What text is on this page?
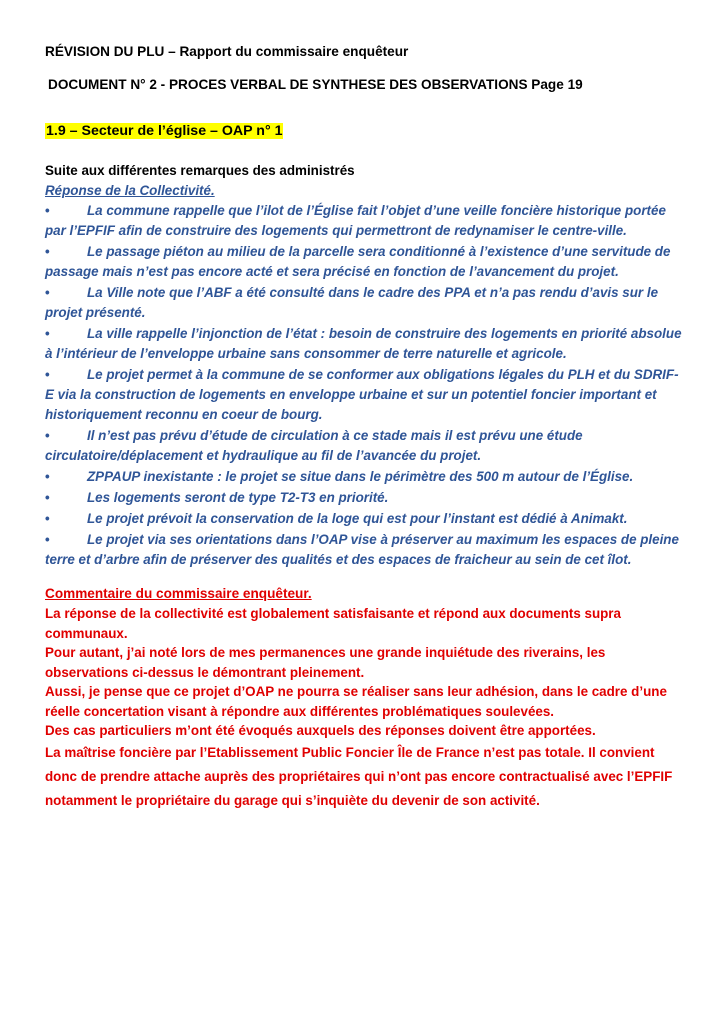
RÉVISION DU PLU – Rapport du commissaire enquêteur
DOCUMENT N° 2 - PROCES VERBAL DE SYNTHESE DES OBSERVATIONS Page 19
1.9 – Secteur de l’église – OAP n° 1
Suite aux différentes remarques des administrés
Réponse de la Collectivité.
•	La commune rappelle que l’ilot de l’Église fait l’objet d’une veille foncière historique portée par l’EPFIF afin de construire des logements qui permettront de redynamiser le centre-ville.
•	Le passage piéton au milieu de la parcelle sera conditionné à l’existence d’une servitude de passage mais n’est pas encore acté et sera précisé en fonction de l’avancement du projet.
•	La Ville note que l’ABF a été consulté dans le cadre des PPA et n’a pas rendu d’avis sur le projet présenté.
•	La ville rappelle l’injonction de l’état : besoin de construire des logements en priorité absolue à l’intérieur de l’enveloppe urbaine sans consommer de terre naturelle et agricole.
•	Le projet permet à la commune de se conformer aux obligations légales du PLH et du SDRIF-E via la construction de logements en enveloppe urbaine et sur un potentiel foncier important et historiquement reconnu en coeur de bourg.
•	Il n’est pas prévu d’étude de circulation à ce stade mais il est prévu une étude circulatoire/déplacement et hydraulique au fil de l’avancée du projet.
•	ZPPAUP inexistante : le projet se situe dans le périmètre des 500 m autour de l’Église.
•	Les logements seront de type T2-T3 en priorité.
•	Le projet prévoit la conservation de la loge qui est pour l’instant est dédié à Animakt.
•	Le projet via ses orientations dans l’OAP vise à préserver au maximum les espaces de pleine terre et d’arbre afin de préserver des qualités et des espaces de fraicheur au sein de cet îlot.
Commentaire du commissaire enquêteur.

La réponse de la collectivité est globalement satisfaisante et répond aux documents supra communaux.

Pour autant, j’ai noté lors de mes permanences une grande inquiétude des riverains, les observations ci-dessus le démontrant pleinement.

Aussi, je pense que ce projet d’OAP ne pourra se réaliser sans leur adhésion, dans le cadre d’une réelle concertation visant à répondre aux différentes problématiques soulevées.

Des cas particuliers m’ont été évoqués auxquels des réponses doivent être apportées.

La maîtrise foncière par l’Etablissement Public Foncier Île de France n’est pas totale. Il convient donc de prendre attache auprès des propriétaires qui n’ont pas encore contractualisé avec l’EPFIF notamment le propriétaire du garage qui s’inquiète du devenir de son activité.
